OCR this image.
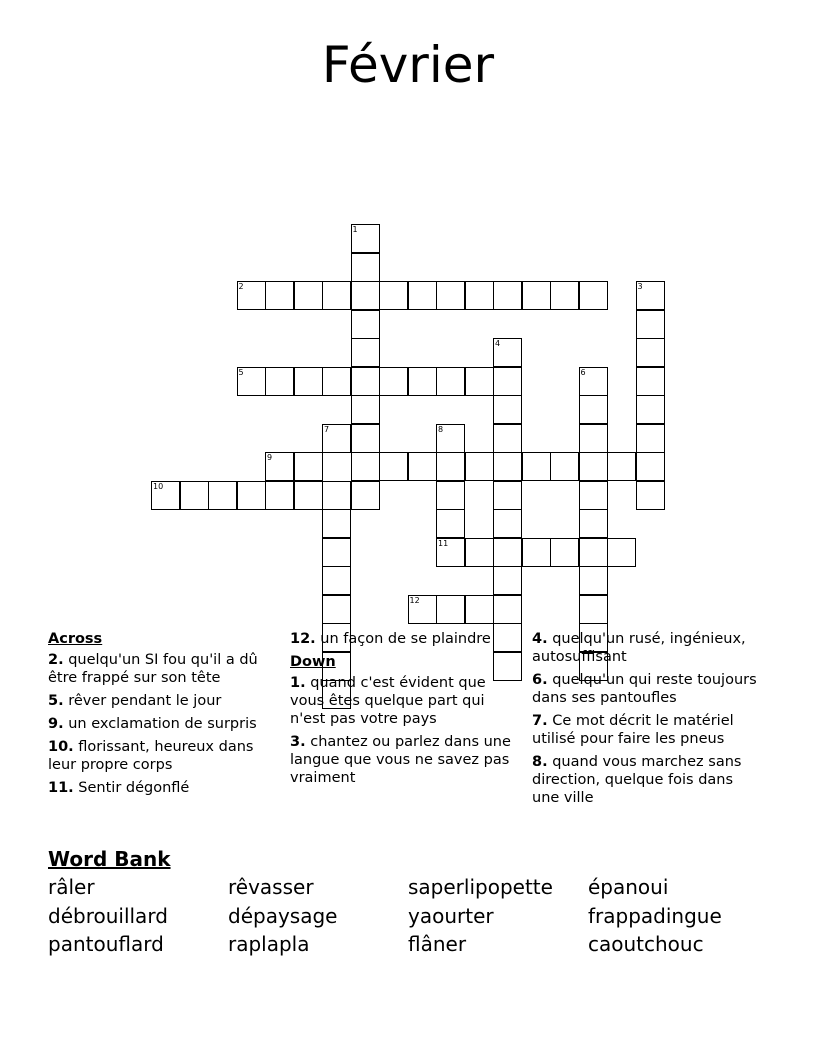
Février
1
2	3
4
5	6
7	8
9
10
11
12
Across
2. quelqu'un SI fou qu'il a dû être frappé sur son tête
5. rêver pendant le jour
9. un exclamation de surpris
10. florissant, heureux dans leur propre corps
11. Sentir dégonflé
12. un façon de se plaindre
Down
1. quand c'est évident que vous êtes quelque part qui n'est pas votre pays
3. chantez ou parlez dans une langue que vous ne savez pas vraiment
4. quelqu'un rusé, ingénieux, autosuffisant
6. quelqu'un qui reste toujours dans ses pantoufles
7. Ce mot décrit le matériel utilisé pour faire les pneus
8. quand vous marchez sans direction, quelque fois dans une ville
Word Bank
râler	rêvasser	saperlipopette épanoui
débrouillard	dépaysage	yaourter	frappadingue
pantouflard	raplapla	flâner	caoutchouc
